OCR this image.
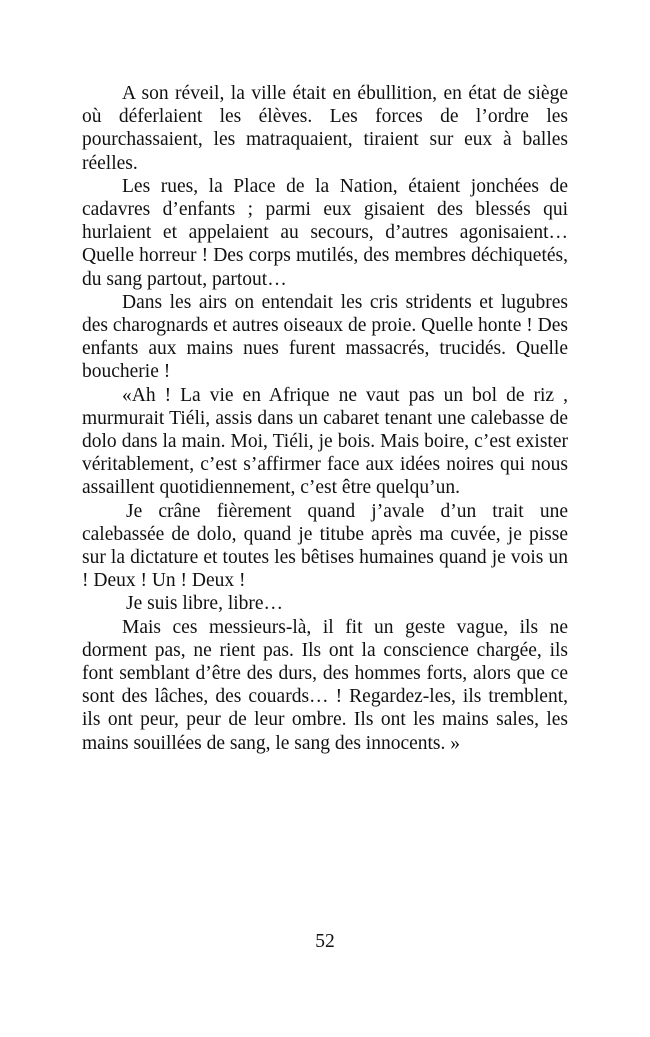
A son réveil, la ville était en ébullition, en état de siège où déferlaient les élèves. Les forces de l’ordre les pourchassaient, les matraquaient, tiraient sur eux à balles réelles.

Les rues, la Place de la Nation, étaient jonchées de cadavres d’enfants ; parmi eux gisaient des blessés qui hurlaient et appelaient au secours, d’autres agonisaient… Quelle horreur ! Des corps mutilés, des membres déchiquetés, du sang partout, partout…

Dans les airs on entendait les cris stridents et lugubres des charognards et autres oiseaux de proie. Quelle honte ! Des enfants aux mains nues furent massacrés, trucidés. Quelle boucherie !

«Ah ! La vie en Afrique ne vaut pas un bol de riz , murmurait Tiéli, assis dans un cabaret tenant une calebasse de dolo dans la main. Moi, Tiéli, je bois. Mais boire, c’est exister véritablement, c’est s’affirmer face aux idées noires qui nous assaillent quotidiennement, c’est être quelqu’un.

Je crâne fièrement quand j’avale d’un trait une calebassée de dolo, quand je titube après ma cuvée, je pisse sur la dictature et toutes les bêtises humaines quand je vois un ! Deux ! Un ! Deux !

Je suis libre, libre…

Mais ces messieurs-là, il fit un geste vague, ils ne dorment pas, ne rient pas. Ils ont la conscience chargée, ils font semblant d’être des durs, des hommes forts, alors que ce sont des lâches, des couards… ! Regardez-les, ils tremblent, ils ont peur, peur de leur ombre. Ils ont les mains sales, les mains souillées de sang, le sang des innocents. »

52
